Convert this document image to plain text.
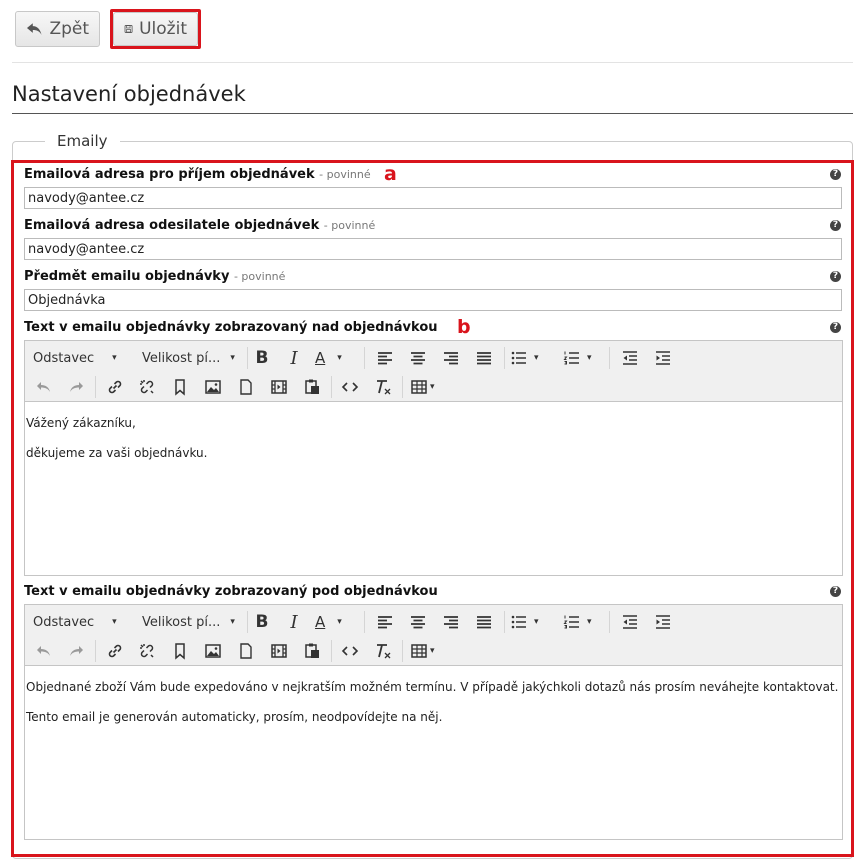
Zpět	Uložit
Nastavení objednávek
Emaily
Emailová adresa pro příjem objednávek - povinné a	?
navody@antee.cz
Emailová adresa odesilatele objednávek - povinné	?
navody@antee.cz
Předmět emailu objednávky - povinné	?
Objednávka
Text v emailu objednávky zobrazovaný nad objednávkou b	?
Odstavec ▾ Velikost pí... ▾	B	I	A ▾	▾	▾
▾

Vážený zákazníku,

děkujeme za vaši objednávku.

Text v emailu objednávky zobrazovaný pod objednávkou	?
Odstavec ▾ Velikost pí... ▾	B	I	A ▾	▾	▾
▾

Objednané zboží Vám bude expedováno v nejkratším možném termínu. V případě jakýchkoli dotazů nás prosím neváhejte kontaktovat.

Tento email je generován automaticky, prosím, neodpovídejte na něj.
